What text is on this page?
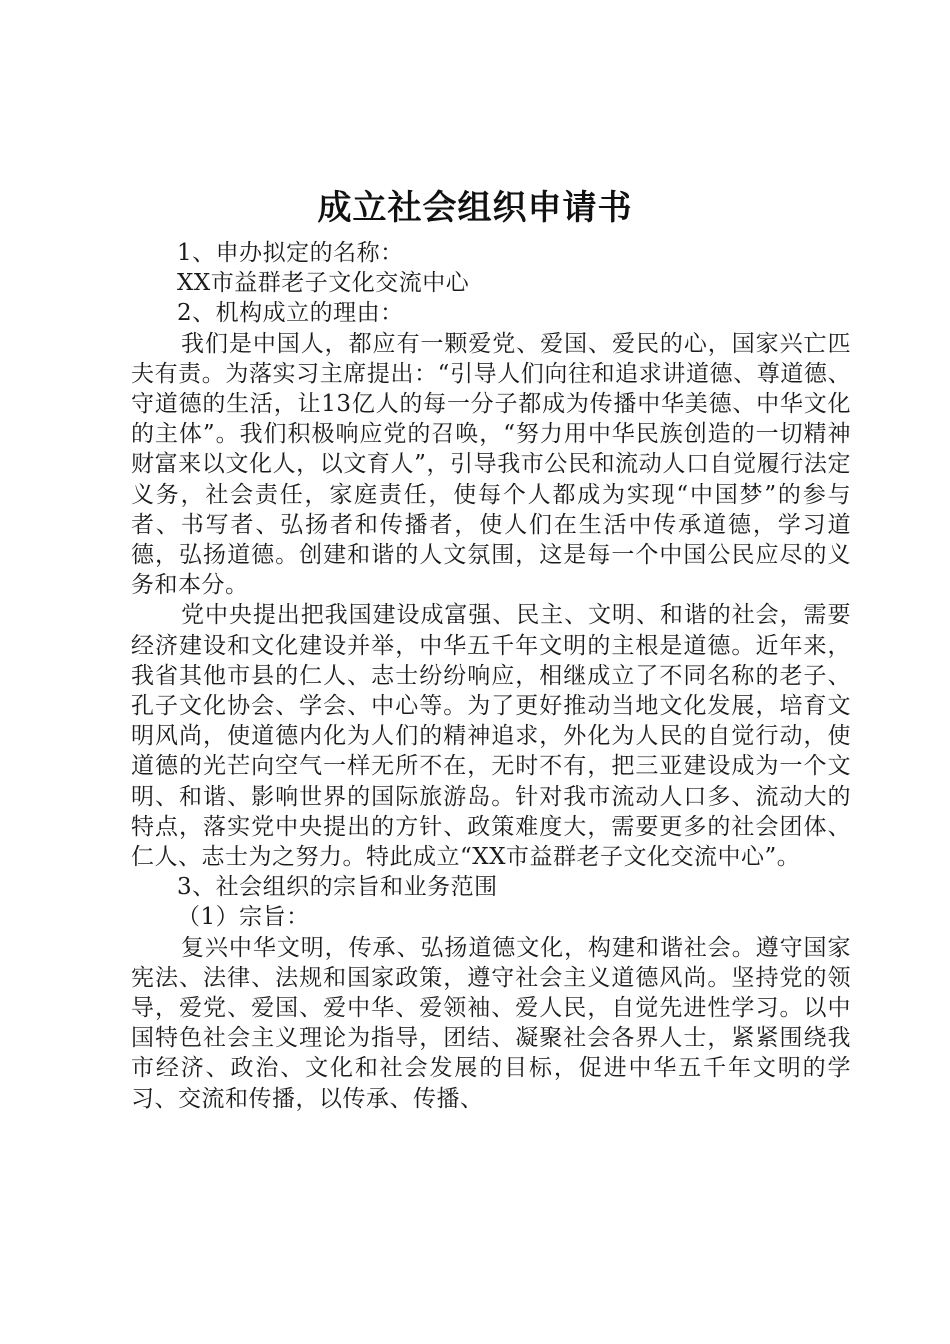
成立社会组织申请书
1、申办拟定的名称：
XX市益群老子文化交流中心
2、机构成立的理由：

我们是中国人，都应有一颗爱党、爱国、爱民的心，国家兴亡匹夫有责。为落实习主席提出：“引导人们向往和追求讲道德、尊道德、守道德的生活，让13亿人的每一分子都成为传播中华美德、中华文化的主体”。我们积极响应党的召唤，“努力用中华民族创造的一切精神财富来以文化人，以文育人”，引导我市公民和流动人口自觉履行法定义务，社会责任，家庭责任，使每个人都成为实现“中国梦”的参与者、书写者、弘扬者和传播者，使人们在生活中传承道德，学习道德，弘扬道德。创建和谐的人文氛围，这是每一个中国公民应尽的义务和本分。

党中央提出把我国建设成富强、民主、文明、和谐的社会，需要经济建设和文化建设并举，中华五千年文明的主根是道德。近年来，我省其他市县的仁人、志士纷纷响应，相继成立了不同名称的老子、孔子文化协会、学会、中心等。为了更好推动当地文化发展，培育文明风尚，使道德内化为人们的精神追求，外化为人民的自觉行动，使道德的光芒向空气一样无所不在，无时不有，把三亚建设成为一个文明、和谐、影响世界的国际旅游岛。针对我市流动人口多、流动大的特点，落实党中央提出的方针、政策难度大，需要更多的社会团体、仁人、志士为之努力。特此成立“XX市益群老子文化交流中心”。

3、社会组织的宗旨和业务范围
（1）宗旨：

复兴中华文明，传承、弘扬道德文化，构建和谐社会。遵守国家宪法、法律、法规和国家政策，遵守社会主义道德风尚。坚持党的领导，爱党、爱国、爱中华、爱领袖、爱人民，自觉先进性学习。以中国特色社会主义理论为指导，团结、凝聚社会各界人士，紧紧围绕我市经济、政治、文化和社会发展的目标，促进中华五千年文明的学习、交流和传播，以传承、传播、
